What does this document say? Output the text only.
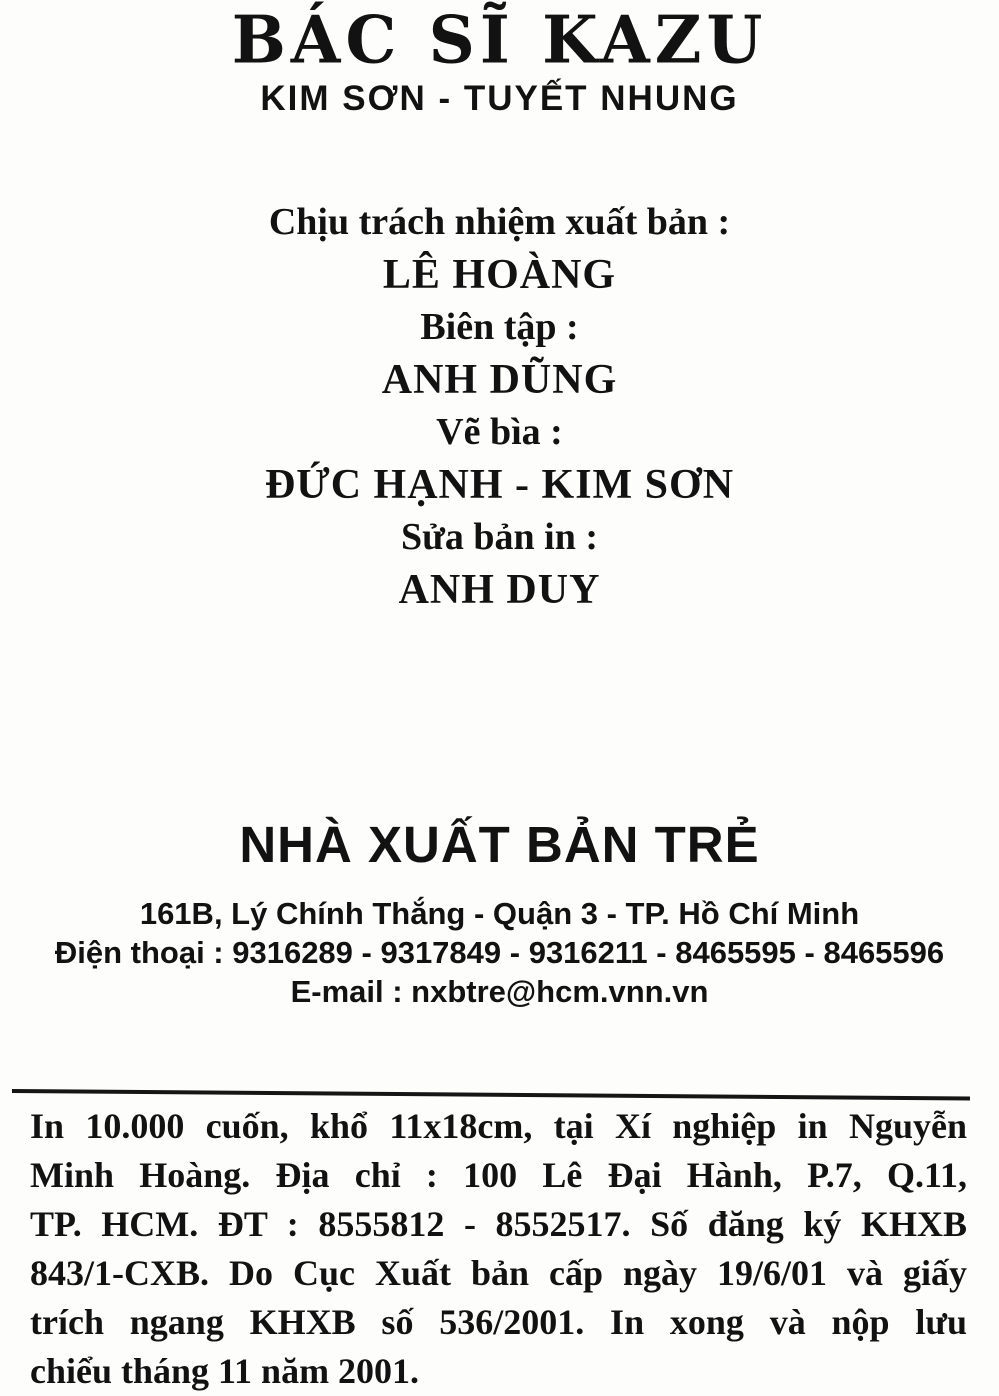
BÁC SĨ KAZU
KIM SƠN - TUYẾT NHUNG
Chịu trách nhiệm xuất bản :
LÊ HOÀNG
Biên tập :
ANH DŨNG
Vẽ bìa :
ĐỨC HẠNH - KIM SƠN
Sửa bản in :
ANH DUY
NHÀ XUẤT BẢN TRẺ
161B, Lý Chính Thắng - Quận 3 - TP. Hồ Chí Minh
Điện thoại : 9316289 - 9317849 - 9316211 - 8465595 - 8465596
E-mail : nxbtre@hcm.vnn.vn
In 10.000 cuốn, khổ 11x18cm, tại Xí nghiệp in Nguyễn
Minh Hoàng. Địa chỉ : 100 Lê Đại Hành, P.7, Q.11,
TP. HCM. ĐT : 8555812 - 8552517. Số đăng ký KHXB
843/1-CXB. Do Cục Xuất bản cấp ngày 19/6/01 và giấy
trích ngang KHXB số 536/2001. In xong và nộp lưu
chiểu tháng 11 năm 2001.
